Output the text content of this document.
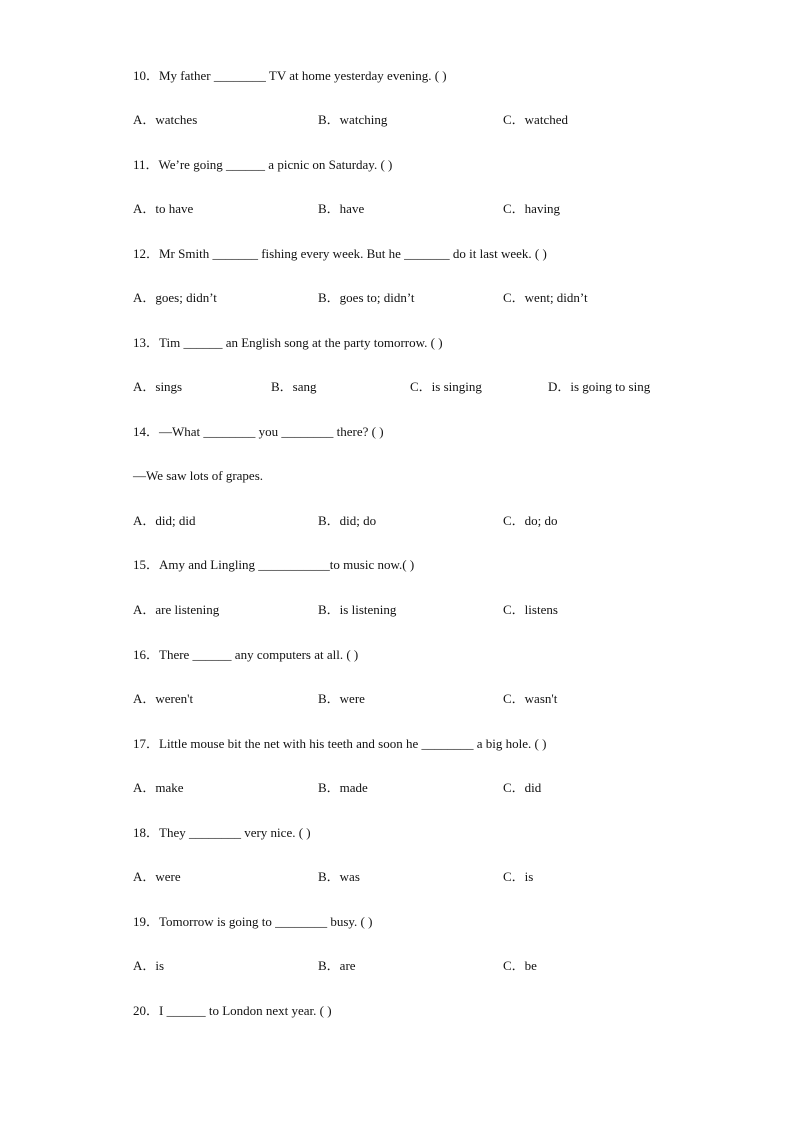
10．My father ________ TV at home yesterday evening. ( )
A．watches	B．watching	C．watched
11．We’re going ______ a picnic on Saturday. ( )
A．to have	B．have	C．having
12．Mr Smith _______ fishing every week. But he _______ do it last week. ( )
A．goes; didn’t	B．goes to; didn’t	C．went; didn’t
13．Tim ______ an English song at the party tomorrow. ( )
A．sings	B．sang	C．is singing	D．is going to sing
14．—What ________ you ________ there? ( )
—We saw lots of grapes.
A．did; did	B．did; do	C．do; do
15．Amy and Lingling ___________to music now.( )
A．are listening	B．is listening	C．listens
16．There ______ any computers at all. ( )
A．weren't	B．were	C．wasn't
17．Little mouse bit the net with his teeth and soon he ________ a big hole. ( )
A．make	B．made	C．did
18．They ________ very nice. ( )
A．were	B．was	C．is
19．Tomorrow is going to ________ busy. ( )
A．is	B．are	C．be
20．I ______ to London next year. ( )
